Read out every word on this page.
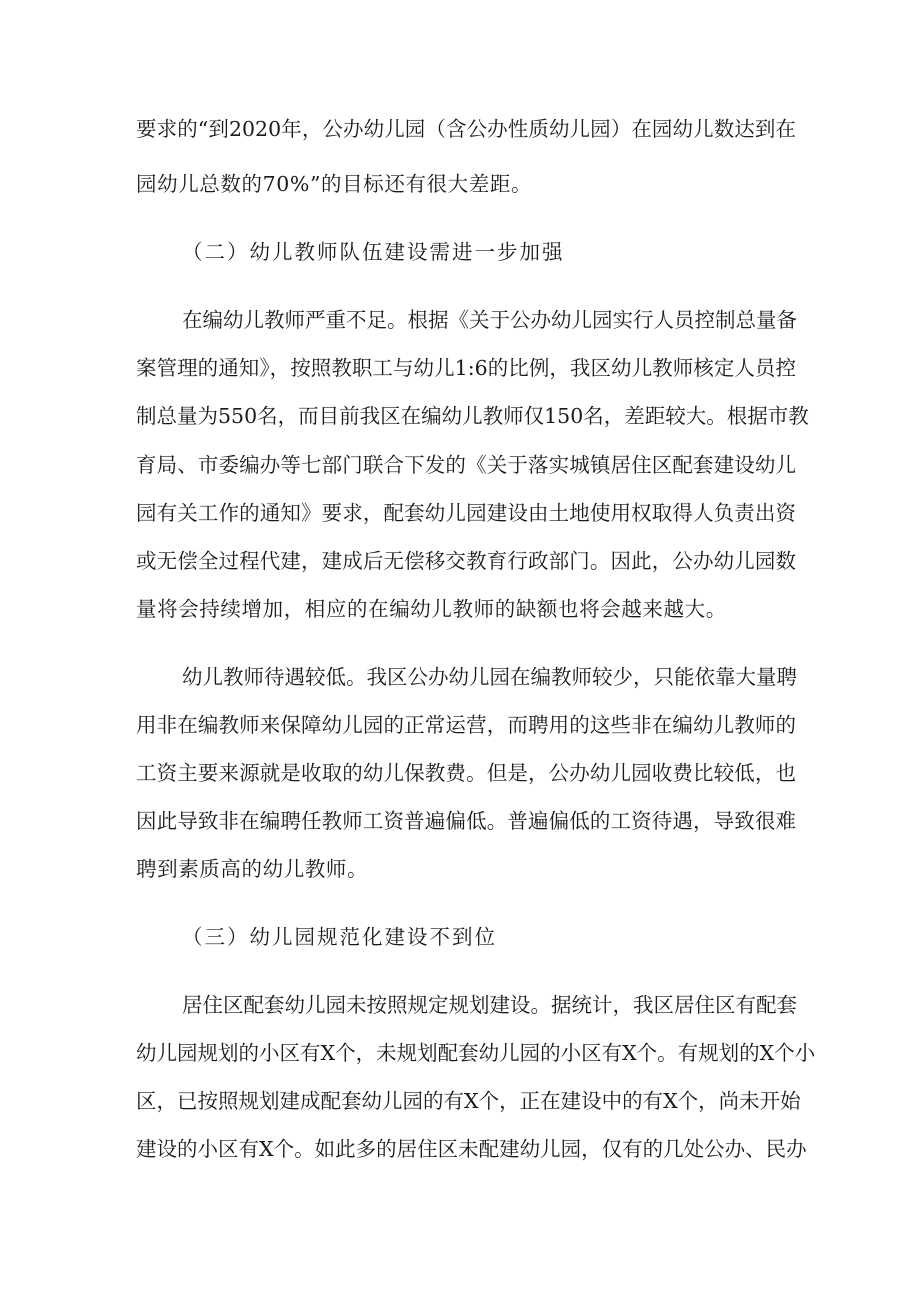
要求的“到2020年，公办幼儿园（含公办性质幼儿园）在园幼儿数达到在
园幼儿总数的70%”的目标还有很大差距。
（二）幼儿教师队伍建设需进一步加强
在编幼儿教师严重不足。根据《关于公办幼儿园实行人员控制总量备
案管理的通知》，按照教职工与幼儿1:6的比例，我区幼儿教师核定人员控
制总量为550名，而目前我区在编幼儿教师仅150名，差距较大。根据市教
育局、市委编办等七部门联合下发的《关于落实城镇居住区配套建设幼儿
园有关工作的通知》要求，配套幼儿园建设由土地使用权取得人负责出资
或无偿全过程代建，建成后无偿移交教育行政部门。因此，公办幼儿园数
量将会持续增加，相应的在编幼儿教师的缺额也将会越来越大。
幼儿教师待遇较低。我区公办幼儿园在编教师较少，只能依靠大量聘
用非在编教师来保障幼儿园的正常运营，而聘用的这些非在编幼儿教师的
工资主要来源就是收取的幼儿保教费。但是，公办幼儿园收费比较低，也
因此导致非在编聘任教师工资普遍偏低。普遍偏低的工资待遇，导致很难
聘到素质高的幼儿教师。
（三）幼儿园规范化建设不到位
居住区配套幼儿园未按照规定规划建设。据统计，我区居住区有配套
幼儿园规划的小区有X个，未规划配套幼儿园的小区有X个。有规划的X个小
区，已按照规划建成配套幼儿园的有X个，正在建设中的有X个，尚未开始
建设的小区有X个。如此多的居住区未配建幼儿园，仅有的几处公办、民办
